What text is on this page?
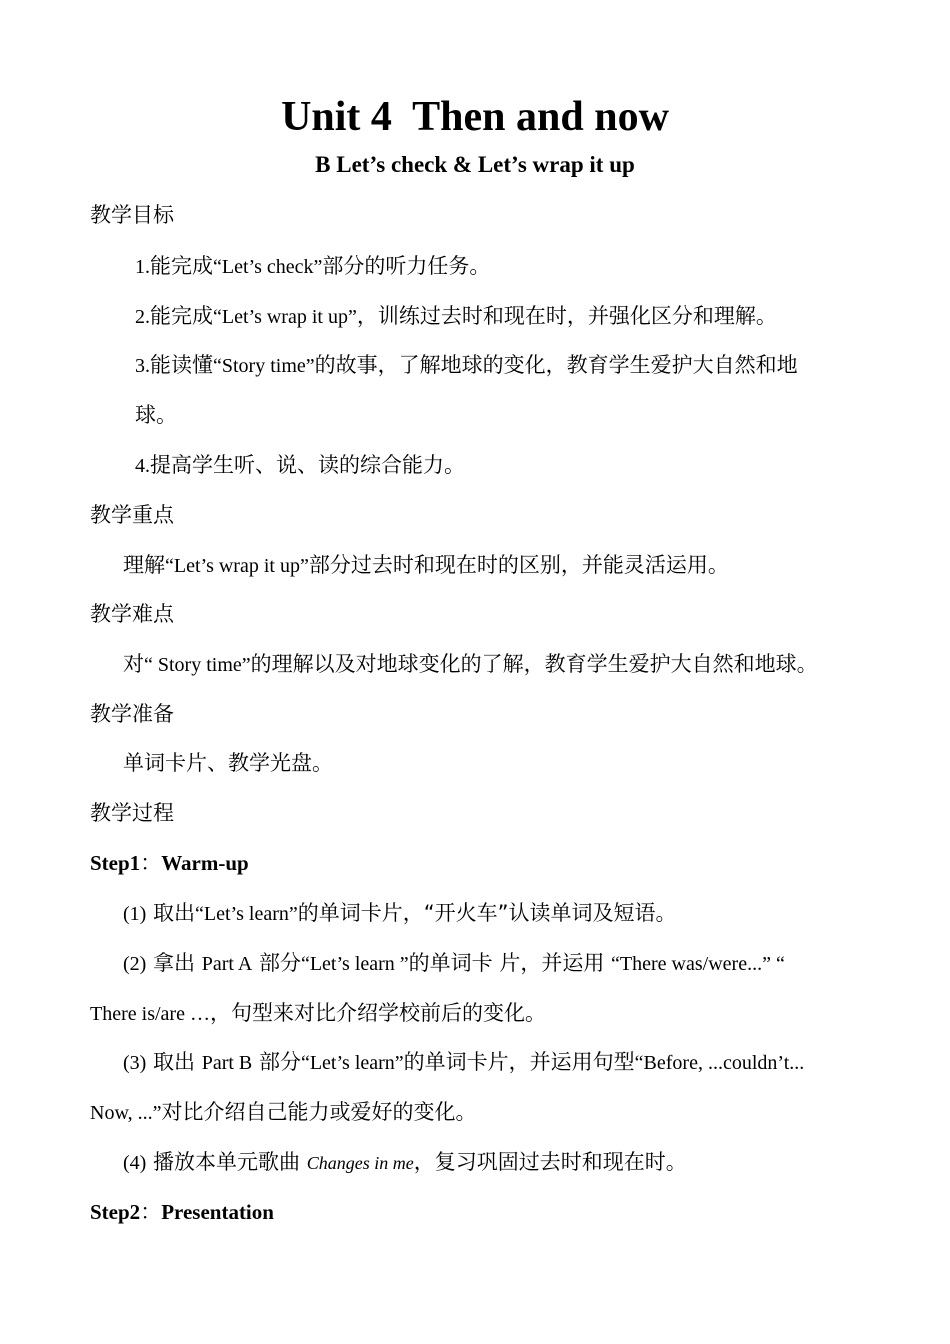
Unit 4  Then and now
B Let’s check & Let’s wrap it up
教学目标
1.能完成“Let’s check”部分的听力任务。
2.能完成“Let’s wrap it up”，训练过去时和现在时，并强化区分和理解。
3.能读懂“Story time”的故事，了解地球的变化，教育学生爱护大自然和地
球。
4.提高学生听、说、读的综合能力。
教学重点
理解“Let’s wrap it up”部分过去时和现在时的区别，并能灵活运用。
教学难点
对“ Story time”的理解以及对地球变化的了解，教育学生爱护大自然和地球。
教学准备
单词卡片、教学光盘。
教学过程
Step1：Warm-up
(1) 取出“Let’s learn”的单词卡片，“开火车”认读单词及短语。
(2) 拿出 Part A 部分“Let’s learn ”的单词卡 片，并运用 “There was/were...” “
There is/are …，句型来对比介绍学校前后的变化。
(3) 取出 Part B 部分“Let’s learn”的单词卡片，并运用句型“Before, ...couldn’t...
Now, ...”对比介绍自己能力或爱好的变化。
(4) 播放本单元歌曲 Changes in me，复习巩固过去时和现在时。
Step2：Presentation
